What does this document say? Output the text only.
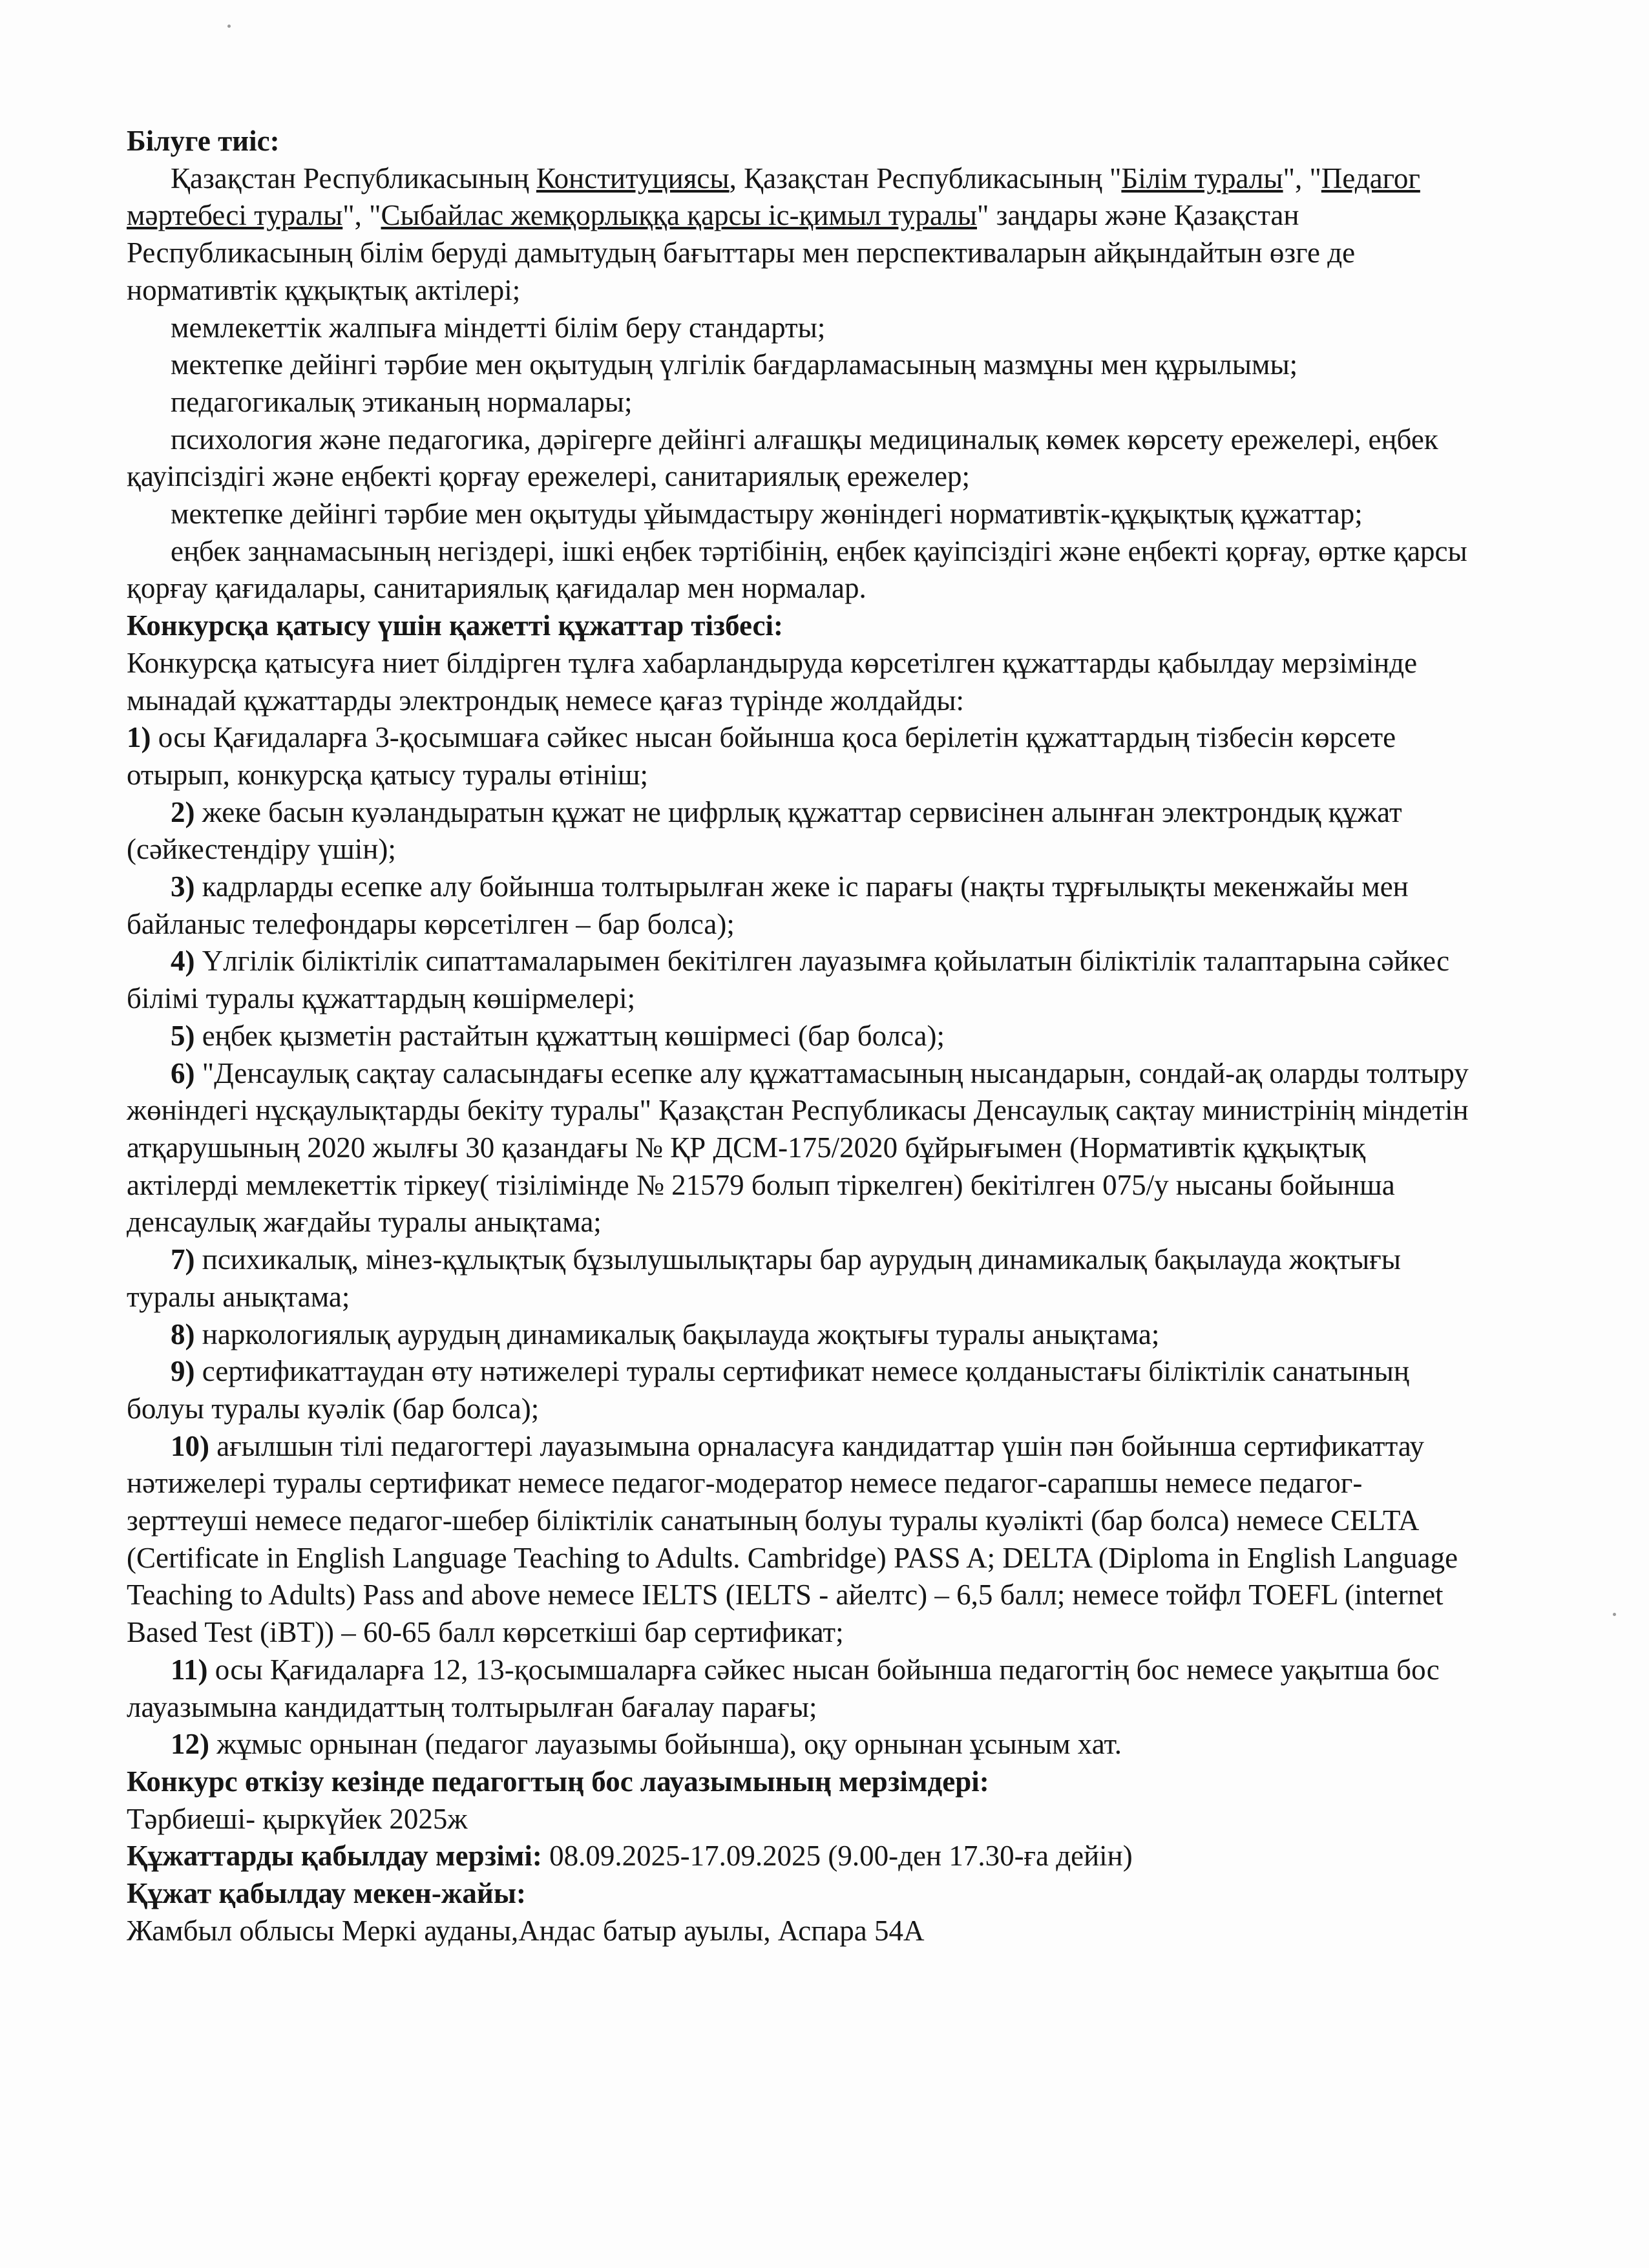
Білуге тиіс:

Қазақстан Республикасының Конституциясы, Қазақстан Республикасының "Білім туралы", "Педагог мәртебесі туралы", "Сыбайлас жемқорлыққа қарсы іс-қимыл туралы" заңдары және Қазақстан Республикасының білім беруді дамытудың бағыттары мен перспективаларын айқындайтын өзге де нормативтік құқықтық актілері;

мемлекеттік жалпыға міндетті білім беру стандарты;

мектепке дейінгі тәрбие мен оқытудың үлгілік бағдарламасының мазмұны мен құрылымы;

педагогикалық этиканың нормалары;

психология және педагогика, дәрігерге дейінгі алғашқы медициналық көмек көрсету ережелері, еңбек қауіпсіздігі және еңбекті қорғау ережелері, санитариялық ережелер;

мектепке дейінгі тәрбие мен оқытуды ұйымдастыру жөніндегі нормативтік-құқықтық құжаттар;

еңбек заңнамасының негіздері, ішкі еңбек тәртібінің, еңбек қауіпсіздігі және еңбекті қорғау, өртке қарсы қорғау қағидалары, санитариялық қағидалар мен нормалар.

Конкурсқа қатысу үшін қажетті құжаттар тізбесі:

Конкурсқа қатысуға ниет білдірген тұлға хабарландыруда көрсетілген құжаттарды қабылдау мерзімінде мынадай құжаттарды электрондық немесе қағаз түрінде жолдайды:

1) осы Қағидаларға 3-қосымшаға сәйкес нысан бойынша қоса берілетін құжаттардың тізбесін көрсете отырып, конкурсқа қатысу туралы өтініш;

2) жеке басын куәландыратын құжат не цифрлық құжаттар сервисінен алынған электрондық құжат (сәйкестендіру үшін);

3) кадрларды есепке алу бойынша толтырылған жеке іс парағы (нақты тұрғылықты мекенжайы мен байланыс телефондары көрсетілген – бар болса);

4) Үлгілік біліктілік сипаттамаларымен бекітілген лауазымға қойылатын біліктілік талаптарына сәйкес білімі туралы құжаттардың көшірмелері;

5) еңбек қызметін растайтын құжаттың көшірмесі (бар болса);

6) "Денсаулық сақтау саласындағы есепке алу құжаттамасының нысандарын, сондай-ақ оларды толтыру жөніндегі нұсқаулықтарды бекіту туралы" Қазақстан Республикасы Денсаулық сақтау министрінің міндетін атқарушының 2020 жылғы 30 қазандағы № ҚР ДСМ-175/2020 бұйрығымен (Нормативтік құқықтық актілерді мемлекеттік тіркеу( тізілімінде № 21579 болып тіркелген) бекітілген 075/у нысаны бойынша денсаулық жағдайы туралы анықтама;

7) психикалық, мінез-құлықтық бұзылушылықтары бар аурудың динамикалық бақылауда жоқтығы туралы анықтама;

8) наркологиялық аурудың динамикалық бақылауда жоқтығы туралы анықтама;

9) сертификаттаудан өту нәтижелері туралы сертификат немесе қолданыстағы біліктілік санатының болуы туралы куәлік (бар болса);

10) ағылшын тілі педагогтері лауазымына орналасуға кандидаттар үшін пән бойынша сертификаттау нәтижелері туралы сертификат немесе педагог-модератор немесе педагог-сарапшы немесе педагог-зерттеуші немесе педагог-шебер біліктілік санатының болуы туралы куәлікті (бар болса) немесе CELTA (Certificate in English Language Teaching to Adults. Cambridge) PASS A; DELTA (Diploma in English Language Teaching to Adults) Pass and above немесе IELTS (IELTS - айелтс) – 6,5 балл; немесе тойфл TOEFL (internet Based Test (iBT)) – 60-65 балл көрсеткіші бар сертификат;

11) осы Қағидаларға 12, 13-қосымшаларға сәйкес нысан бойынша педагогтің бос немесе уақытша бос лауазымына кандидаттың толтырылған бағалау парағы;

12) жұмыс орнынан (педагог лауазымы бойынша), оқу орнынан ұсыным хат.

Конкурс өткізу кезінде педагогтың бос лауазымының мерзімдері:

Тәрбиеші- қыркүйек 2025ж

Құжаттарды қабылдау мерзімі: 08.09.2025-17.09.2025 (9.00-ден 17.30-ға дейін)

Құжат қабылдау мекен-жайы:

Жамбыл облысы Меркі ауданы,Андас батыр ауылы, Аспара 54А
